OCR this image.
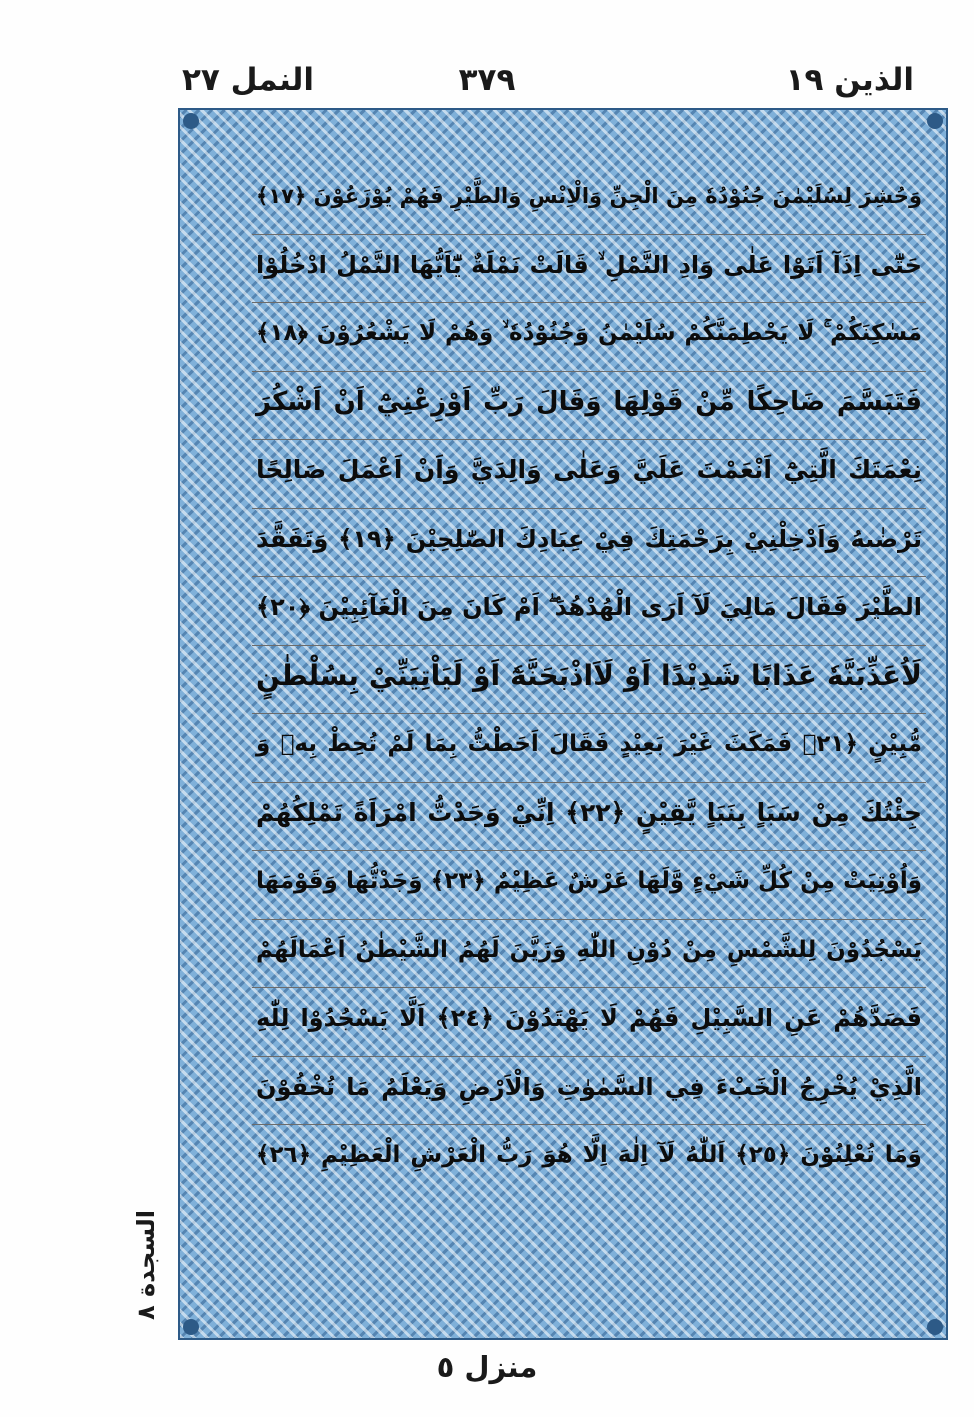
الذين ١٩
٣٧٩
النمل ٢٧
وَحُشِرَ لِسُلَيْمٰنَ جُنُوْدُهٗ مِنَ الْجِنِّ وَالْاِنْسِ وَالطَّيْرِ فَهُمْ يُوْزَعُوْنَ ﴿١٧﴾
حَتّٰٓى اِذَآ اَتَوْا عَلٰى وَادِ النَّمْلِ ۙ قَالَتْ نَمْلَةٌ يّٰٓاَيُّهَا النَّمْلُ ادْخُلُوْا
مَسٰكِنَكُمْ ۚ لَا يَحْطِمَنَّكُمْ سُلَيْمٰنُ وَجُنُوْدُهٗ ۙ وَهُمْ لَا يَشْعُرُوْنَ ﴿١٨﴾
فَتَبَسَّمَ ضَاحِكًا مِّنْ قَوْلِهَا وَقَالَ رَبِّ اَوْزِعْنِيْٓ اَنْ اَشْكُرَ
نِعْمَتَكَ الَّتِيْٓ اَنْعَمْتَ عَلَيَّ وَعَلٰى وَالِدَيَّ وَاَنْ اَعْمَلَ صَالِحًا
تَرْضٰىهُ وَاَدْخِلْنِيْ بِرَحْمَتِكَ فِيْ عِبَادِكَ الصّٰلِحِيْنَ ﴿١٩﴾ وَتَفَقَّدَ
الطَّيْرَ فَقَالَ مَالِيَ لَآ اَرَى الْهُدْهُدَ ۖ اَمْ كَانَ مِنَ الْغَآئِبِيْنَ ﴿٢٠﴾
لَاُعَذِّبَنَّهٗ عَذَابًا شَدِيْدًا اَوْ لَاَاذْبَحَنَّهٗٓ اَوْ لَيَاْتِيَنِّيْ بِسُلْطٰنٍ
مُّبِيْنٍ ﴿٢١﴾ فَمَكَثَ غَيْرَ بَعِيْدٍ فَقَالَ اَحَطْتُّ بِمَا لَمْ تُحِطْ بِهٖ وَ
جِئْتُكَ مِنْ سَبَاٍ بِنَبَاٍ يَّقِيْنٍ ﴿٢٢﴾ اِنِّيْ وَجَدْتُّ امْرَاَةً تَمْلِكُهُمْ
وَاُوْتِيَتْ مِنْ كُلِّ شَيْءٍ وَّلَهَا عَرْشٌ عَظِيْمٌ ﴿٢٣﴾ وَجَدْتُّهَا وَقَوْمَهَا
يَسْجُدُوْنَ لِلشَّمْسِ مِنْ دُوْنِ اللّٰهِ وَزَيَّنَ لَهُمُ الشَّيْطٰنُ اَعْمَالَهُمْ
فَصَدَّهُمْ عَنِ السَّبِيْلِ فَهُمْ لَا يَهْتَدُوْنَ ﴿٢٤﴾ اَلَّا يَسْجُدُوْا لِلّٰهِ
الَّذِيْ يُخْرِجُ الْخَبْءَ فِي السَّمٰوٰتِ وَالْاَرْضِ وَيَعْلَمُ مَا تُخْفُوْنَ
وَمَا تُعْلِنُوْنَ ﴿٢٥﴾ اَللّٰهُ لَآ اِلٰهَ اِلَّا هُوَ رَبُّ الْعَرْشِ الْعَظِيْمِ ﴿٢٦﴾
السجدة ٨
منزل ٥
